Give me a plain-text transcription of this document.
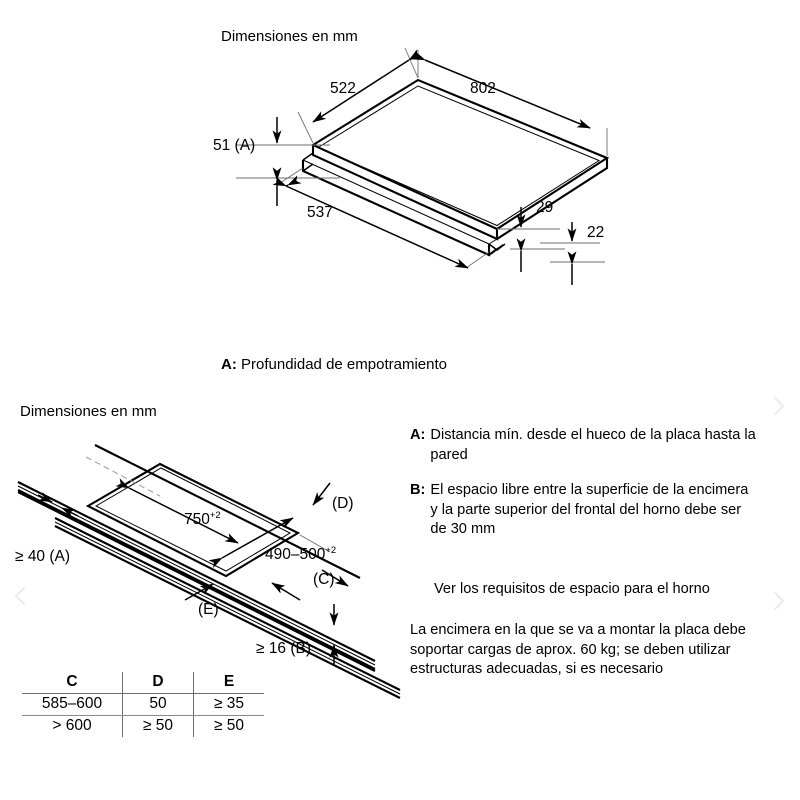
Dimensiones en mm
522	802
51 (A)
537	29
22
A: Profundidad de empotramiento
Dimensiones en mm
≥ 40 (A)
$750^{+2}$
$490-500^{+2}$
(D)
(C)
(E)
≥ 16 (B)
A: Distancia mín. desde el hueco de la placa hasta la pared
B: El espacio libre entre la superficie de la encimera y la parte superior del frontal del horno debe ser de 30 mm
Ver los requisitos de espacio para el horno
La encimera en la que se va a montar la placa debe soportar cargas de aprox. 60 kg; se deben utilizar estructuras adecuadas, si es necesario
C	D	E
585–600	50	≥ 35
> 600	≥ 50	≥ 50
